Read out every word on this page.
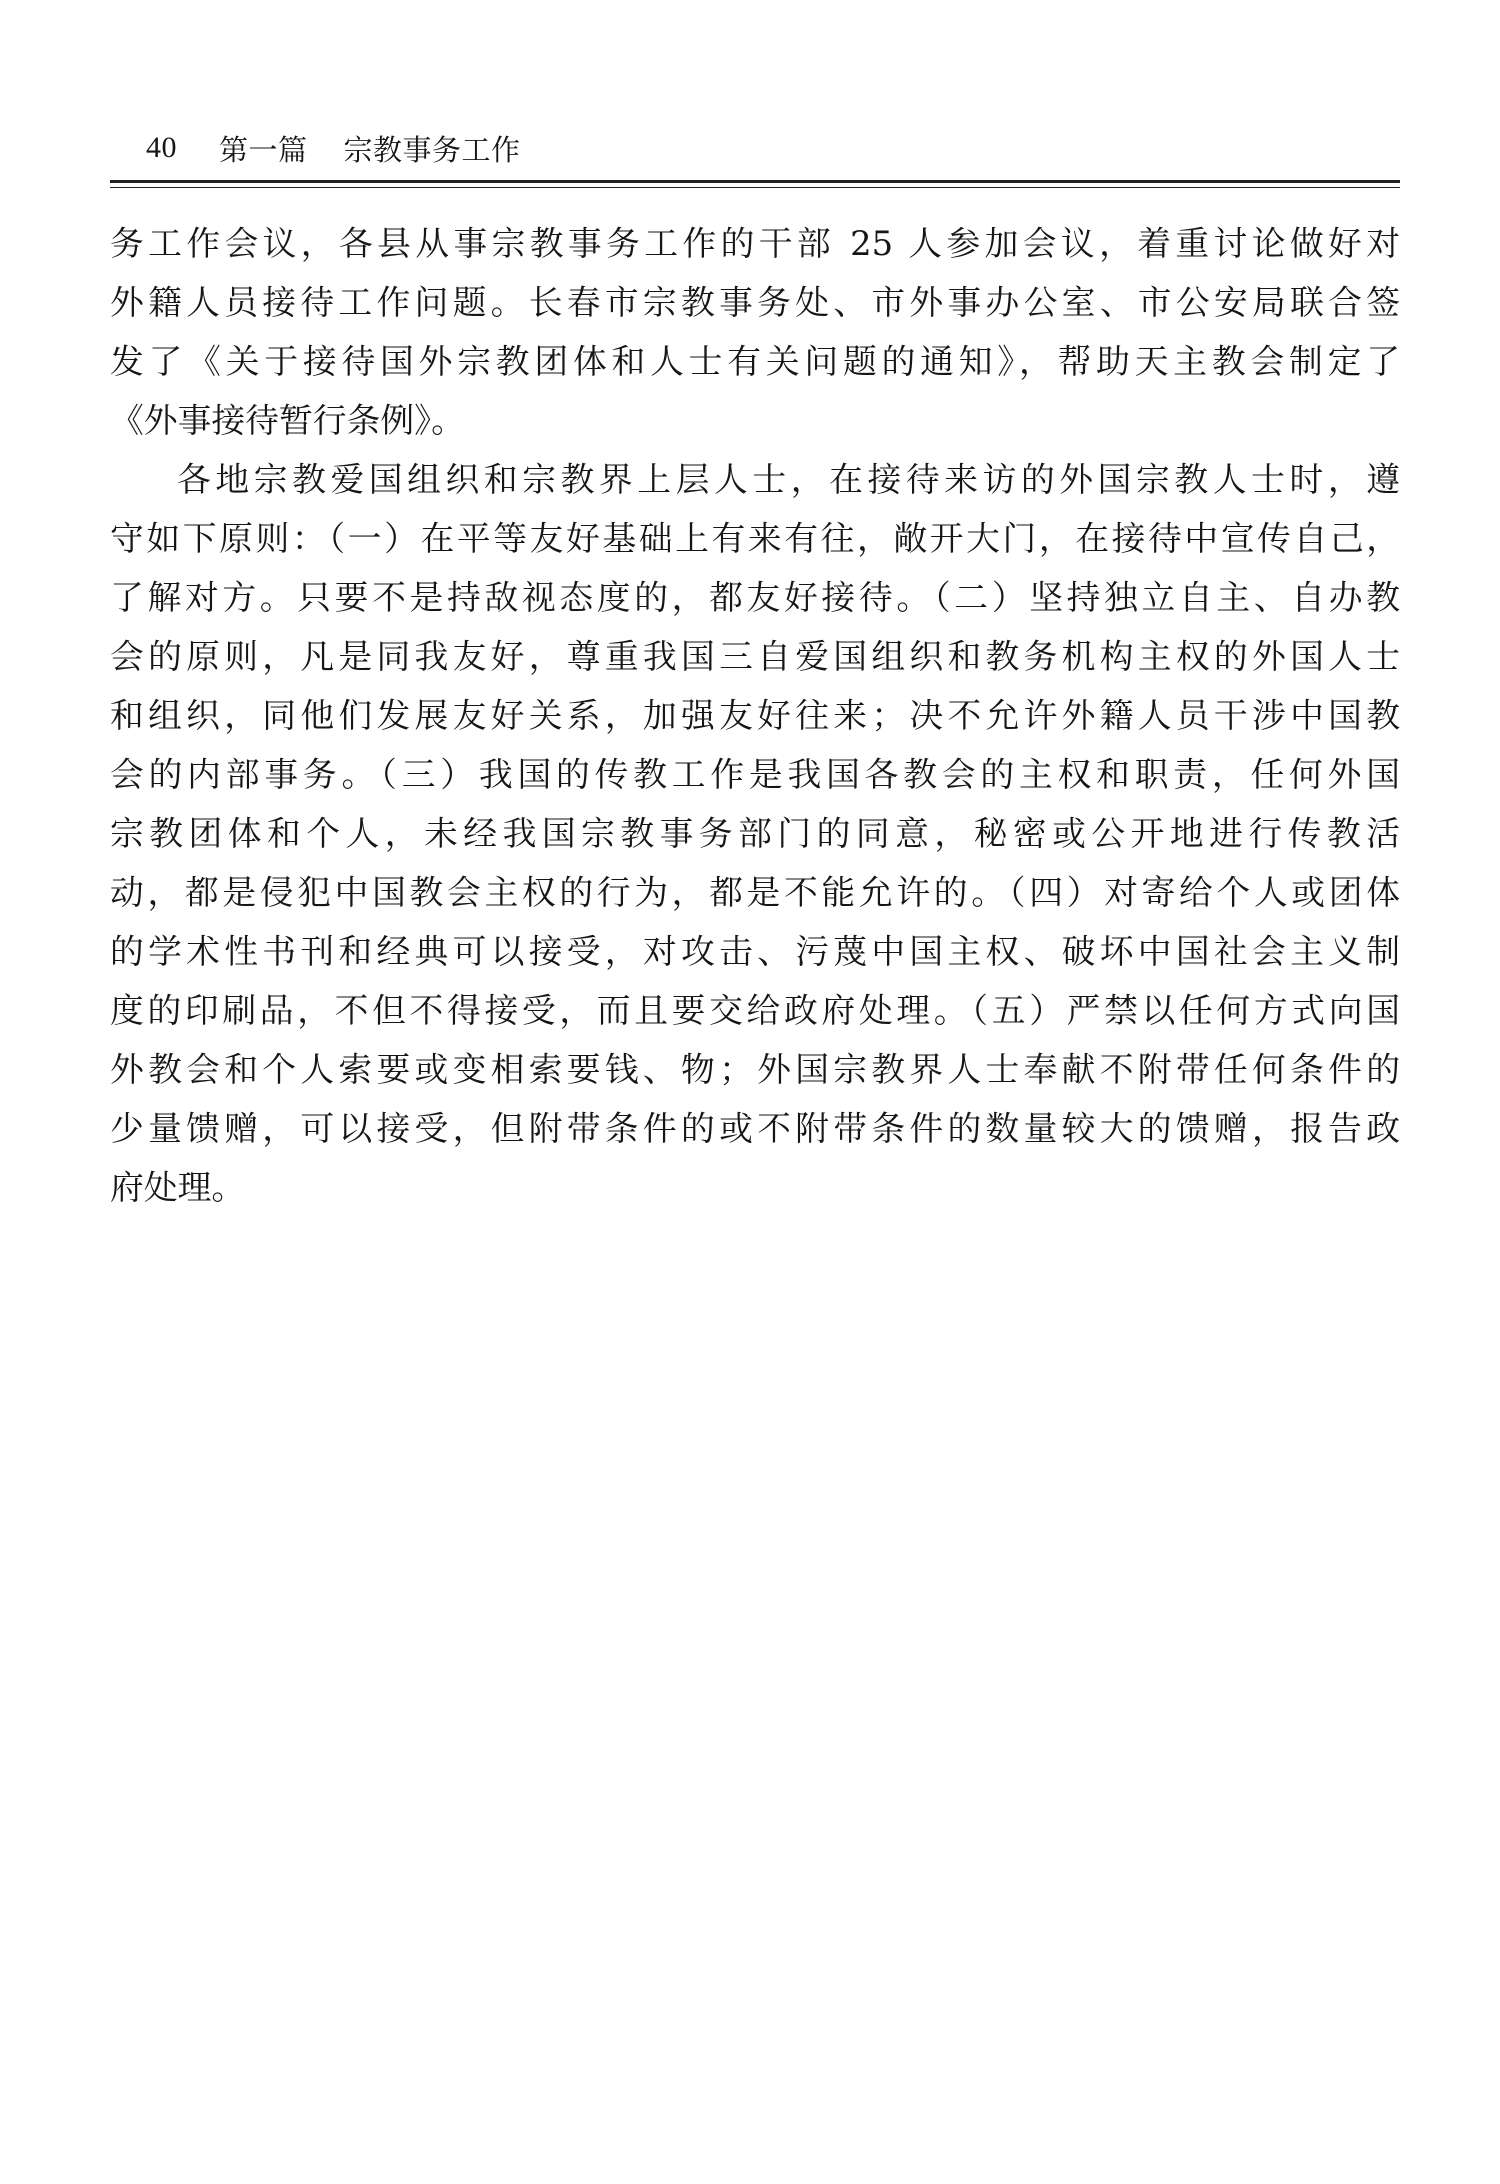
40 第一篇 宗教事务工作
务工作会议，各县从事宗教事务工作的干部 25 人参加会议，着重讨论做好对
外籍人员接待工作问题。长春市宗教事务处、市外事办公室、市公安局联合签
发了《关于接待国外宗教团体和人士有关问题的通知》，帮助天主教会制定了
《外事接待暂行条例》。
各地宗教爱国组织和宗教界上层人士，在接待来访的外国宗教人士时，遵
守如下原则：（一）在平等友好基础上有来有往，敞开大门，在接待中宣传自己，
了解对方。只要不是持敌视态度的，都友好接待。（二）坚持独立自主、自办教
会的原则，凡是同我友好，尊重我国三自爱国组织和教务机构主权的外国人士
和组织，同他们发展友好关系，加强友好往来；决不允许外籍人员干涉中国教
会的内部事务。（三）我国的传教工作是我国各教会的主权和职责，任何外国
宗教团体和个人，未经我国宗教事务部门的同意，秘密或公开地进行传教活
动，都是侵犯中国教会主权的行为，都是不能允许的。（四）对寄给个人或团体
的学术性书刊和经典可以接受，对攻击、污蔑中国主权、破坏中国社会主义制
度的印刷品，不但不得接受，而且要交给政府处理。（五）严禁以任何方式向国
外教会和个人索要或变相索要钱、物；外国宗教界人士奉献不附带任何条件的
少量馈赠，可以接受，但附带条件的或不附带条件的数量较大的馈赠，报告政
府处理。
